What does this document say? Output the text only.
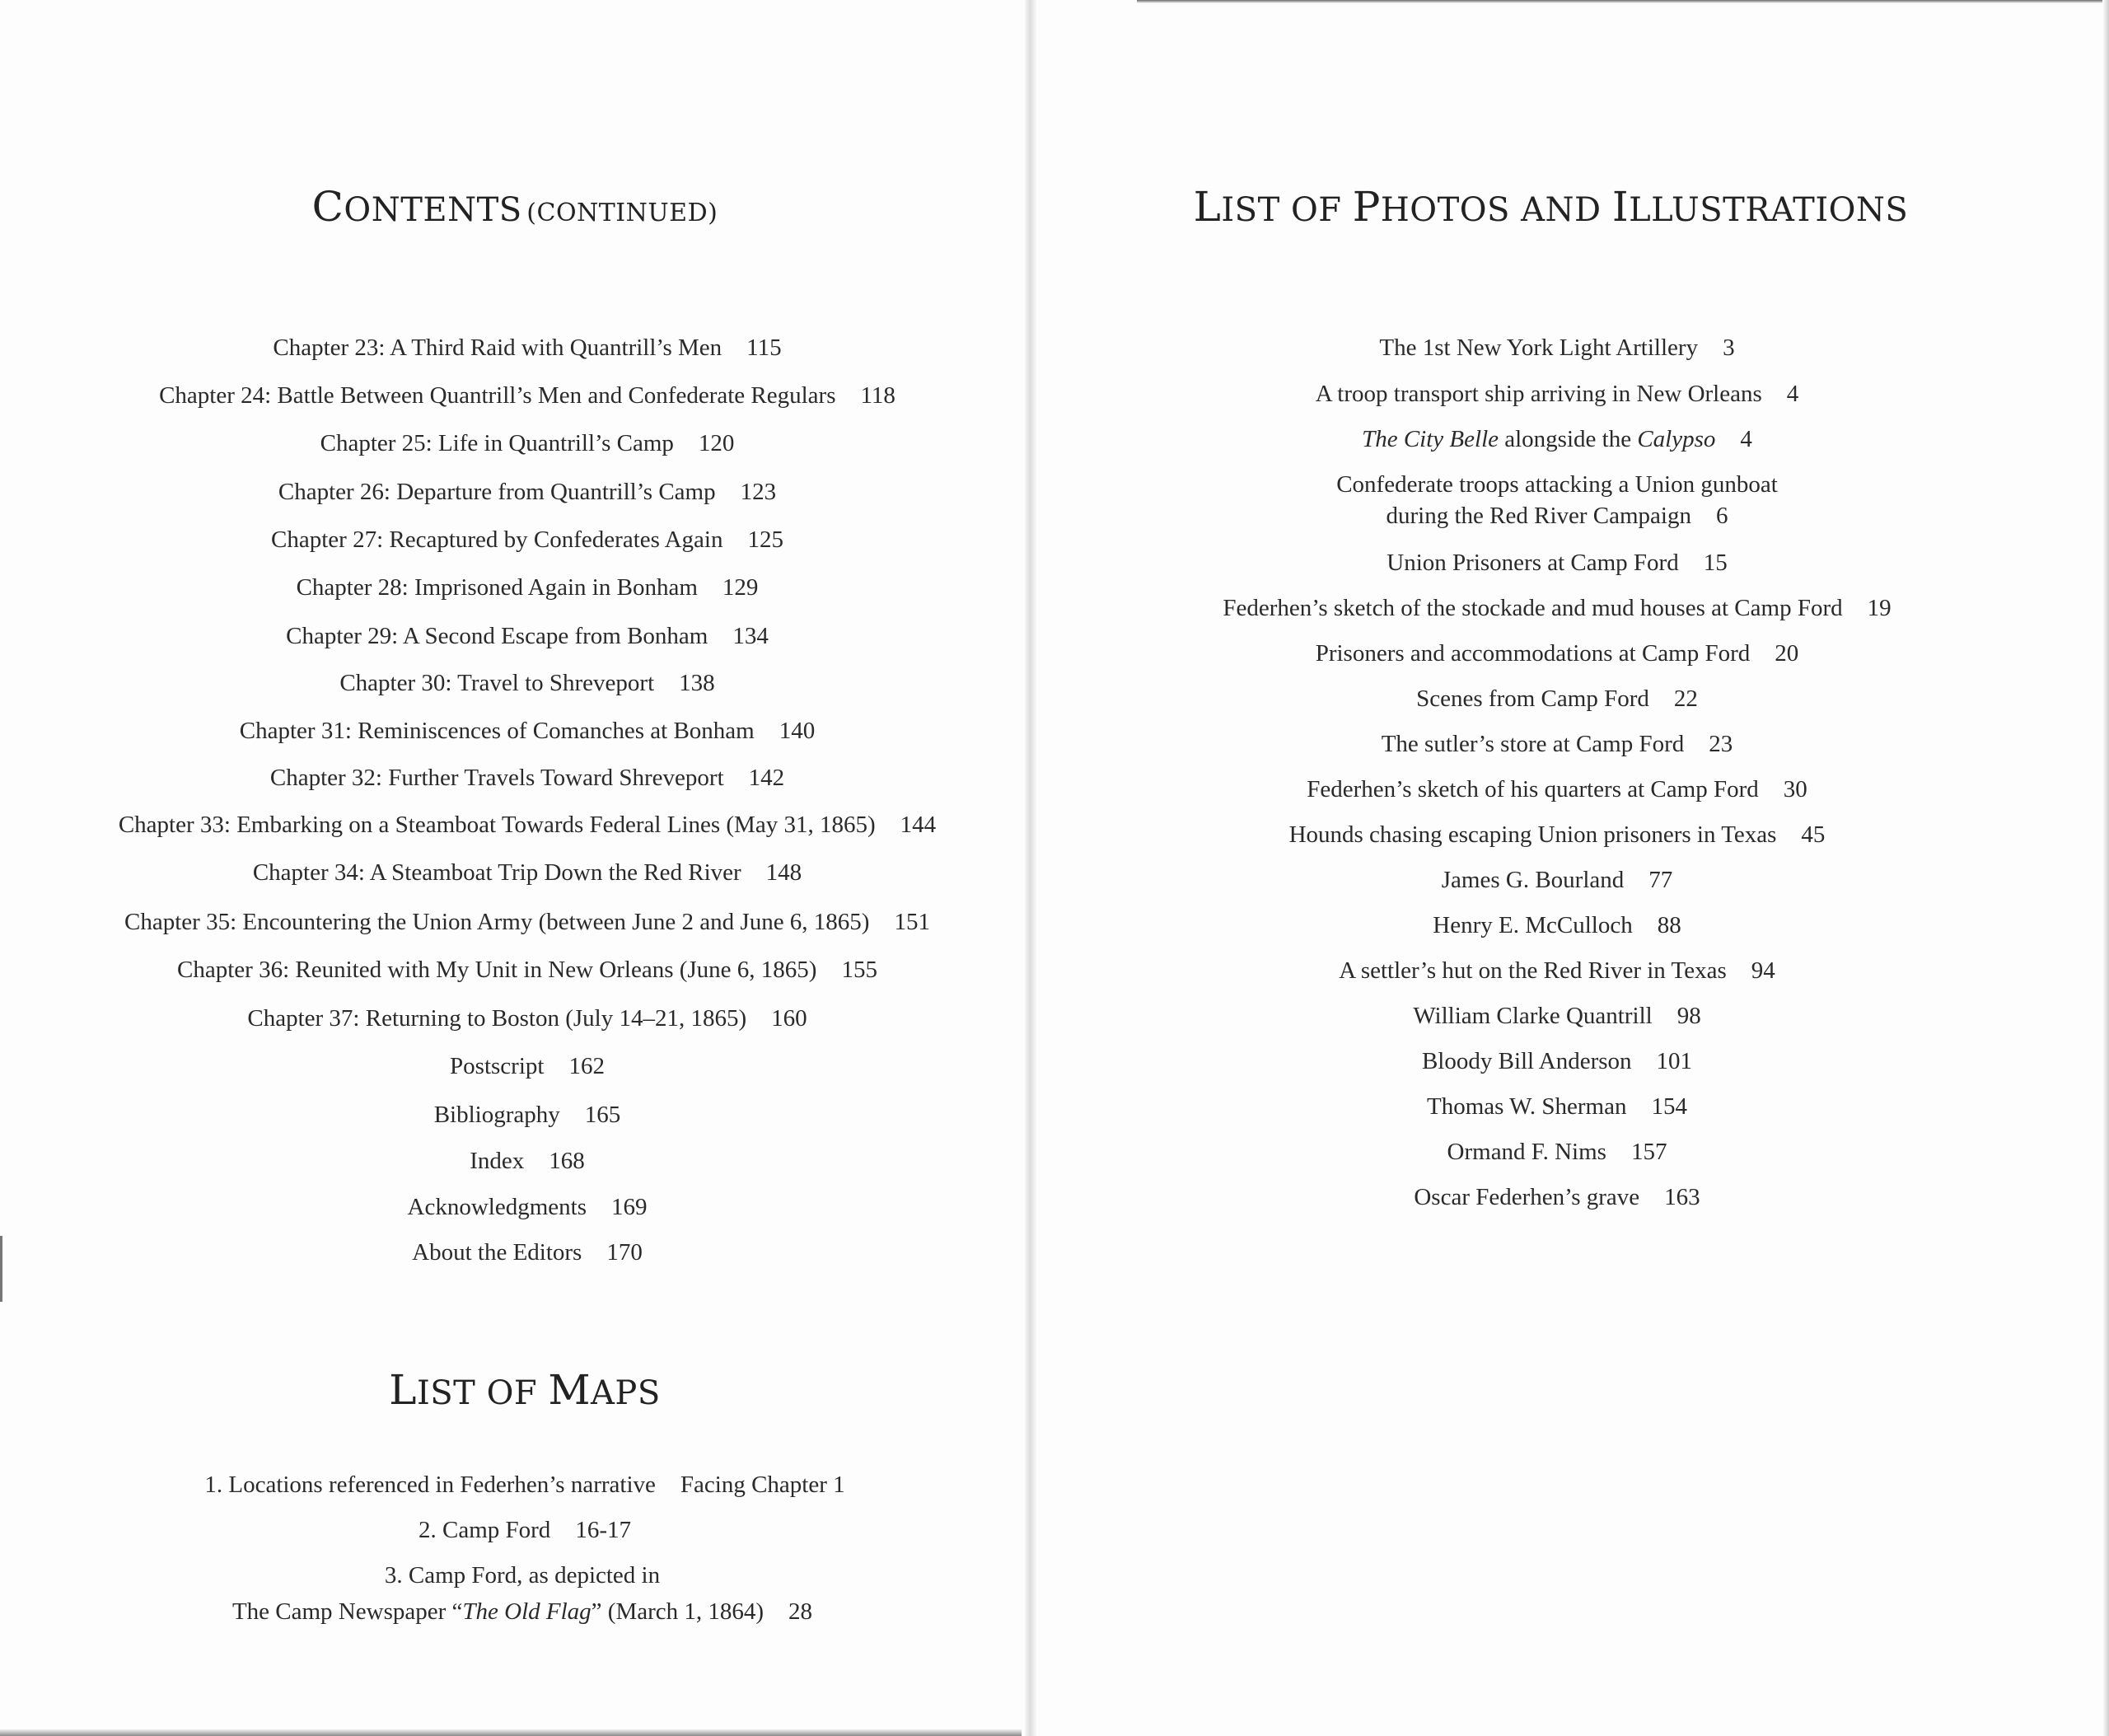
CONTENTS (CONTINUED)
Chapter 23: A Third Raid with Quantrill’s Men 115
Chapter 24: Battle Between Quantrill’s Men and Confederate Regulars 118
Chapter 25: Life in Quantrill’s Camp 120
Chapter 26: Departure from Quantrill’s Camp 123
Chapter 27: Recaptured by Confederates Again 125
Chapter 28: Imprisoned Again in Bonham 129
Chapter 29: A Second Escape from Bonham 134
Chapter 30: Travel to Shreveport 138
Chapter 31: Reminiscences of Comanches at Bonham 140
Chapter 32: Further Travels Toward Shreveport 142
Chapter 33: Embarking on a Steamboat Towards Federal Lines (May 31, 1865) 144
Chapter 34: A Steamboat Trip Down the Red River 148
Chapter 35: Encountering the Union Army (between June 2 and June 6, 1865) 151
Chapter 36: Reunited with My Unit in New Orleans (June 6, 1865) 155
Chapter 37: Returning to Boston (July 14–21, 1865) 160
Postscript 162
Bibliography 165
Index 168
Acknowledgments 169
About the Editors 170
LIST OF MAPS
1. Locations referenced in Federhen’s narrative Facing Chapter 1
2. Camp Ford 16-17
3. Camp Ford, as depicted in
The Camp Newspaper “The Old Flag” (March 1, 1864) 28
LIST OF PHOTOS AND ILLUSTRATIONS
The 1st New York Light Artillery 3
A troop transport ship arriving in New Orleans 4
The City Belle alongside the Calypso 4
Confederate troops attacking a Union gunboat
during the Red River Campaign 6
Union Prisoners at Camp Ford 15
Federhen’s sketch of the stockade and mud houses at Camp Ford 19
Prisoners and accommodations at Camp Ford 20
Scenes from Camp Ford 22
The sutler’s store at Camp Ford 23
Federhen’s sketch of his quarters at Camp Ford 30
Hounds chasing escaping Union prisoners in Texas 45
James G. Bourland 77
Henry E. McCulloch 88
A settler’s hut on the Red River in Texas 94
William Clarke Quantrill 98
Bloody Bill Anderson 101
Thomas W. Sherman 154
Ormand F. Nims 157
Oscar Federhen’s grave 163
